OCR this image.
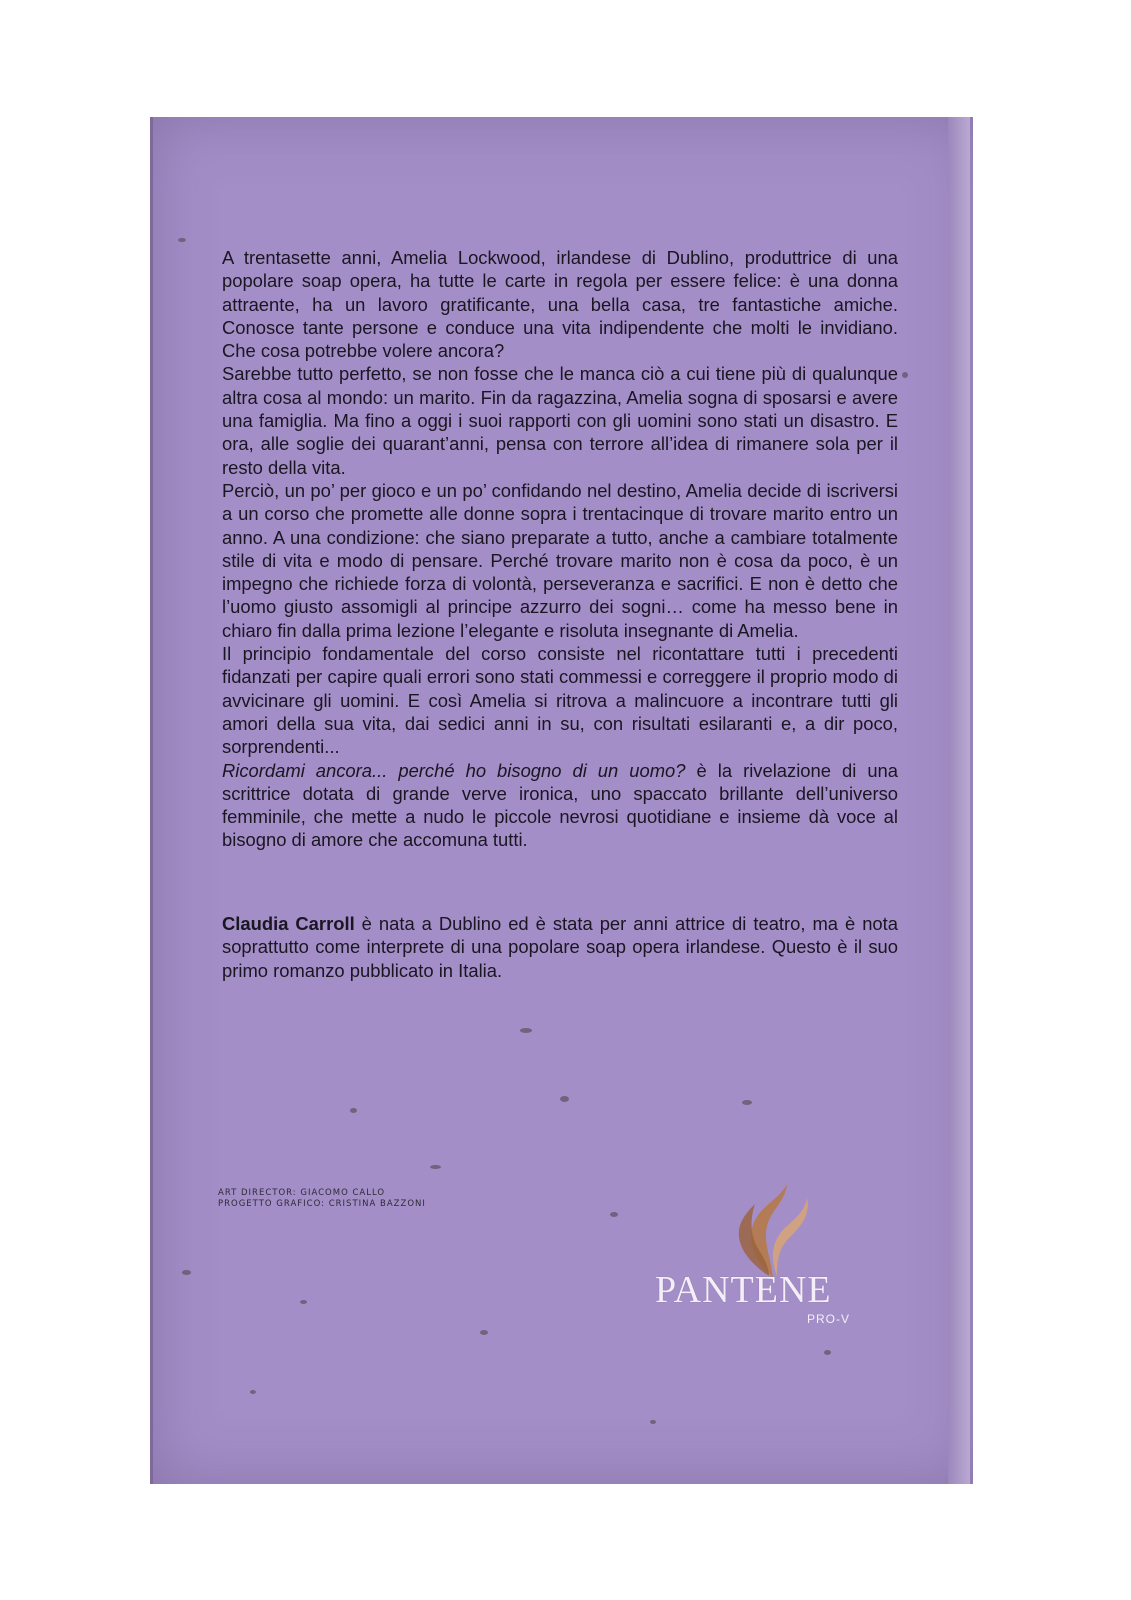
A trentasette anni, Amelia Lockwood, irlandese di Dublino, produttrice di una popolare soap opera, ha tutte le carte in regola per essere felice: è una donna attraente, ha un lavoro gratificante, una bella casa, tre fantastiche amiche. Conosce tante persone e conduce una vita indipendente che molti le invidiano. Che cosa potrebbe volere ancora?

Sarebbe tutto perfetto, se non fosse che le manca ciò a cui tiene più di qualunque altra cosa al mondo: un marito. Fin da ragazzina, Amelia sogna di sposarsi e avere una famiglia. Ma fino a oggi i suoi rapporti con gli uomini sono stati un disastro. E ora, alle soglie dei quarant’anni, pensa con terrore all’idea di rimanere sola per il resto della vita.

Perciò, un po’ per gioco e un po’ confidando nel destino, Amelia decide di iscriversi a un corso che promette alle donne sopra i trentacinque di trovare marito entro un anno. A una condizione: che siano preparate a tutto, anche a cambiare totalmente stile di vita e modo di pensare. Perché trovare marito non è cosa da poco, è un impegno che richiede forza di volontà, perseveranza e sacrifici. E non è detto che l’uomo giusto assomigli al principe azzurro dei sogni… come ha messo bene in chiaro fin dalla prima lezione l’elegante e risoluta insegnante di Amelia.

Il principio fondamentale del corso consiste nel ricontattare tutti i precedenti fidanzati per capire quali errori sono stati commessi e correggere il proprio modo di avvicinare gli uomini. E così Amelia si ritrova a malincuore a incontrare tutti gli amori della sua vita, dai sedici anni in su, con risultati esilaranti e, a dir poco, sorprendenti...

Ricordami ancora... perché ho bisogno di un uomo? è la rivelazione di una scrittrice dotata di grande verve ironica, uno spaccato brillante dell’universo femminile, che mette a nudo le piccole nevrosi quotidiane e insieme dà voce al bisogno di amore che accomuna tutti.

Claudia Carroll è nata a Dublino ed è stata per anni attrice di teatro, ma è nota soprattutto come interprete di una popolare soap opera irlandese. Questo è il suo primo romanzo pubblicato in Italia.
ART DIRECTOR: GIACOMO CALLO
PROGETTO GRAFICO: CRISTINA BAZZONI
PANTENE
PRO-V
